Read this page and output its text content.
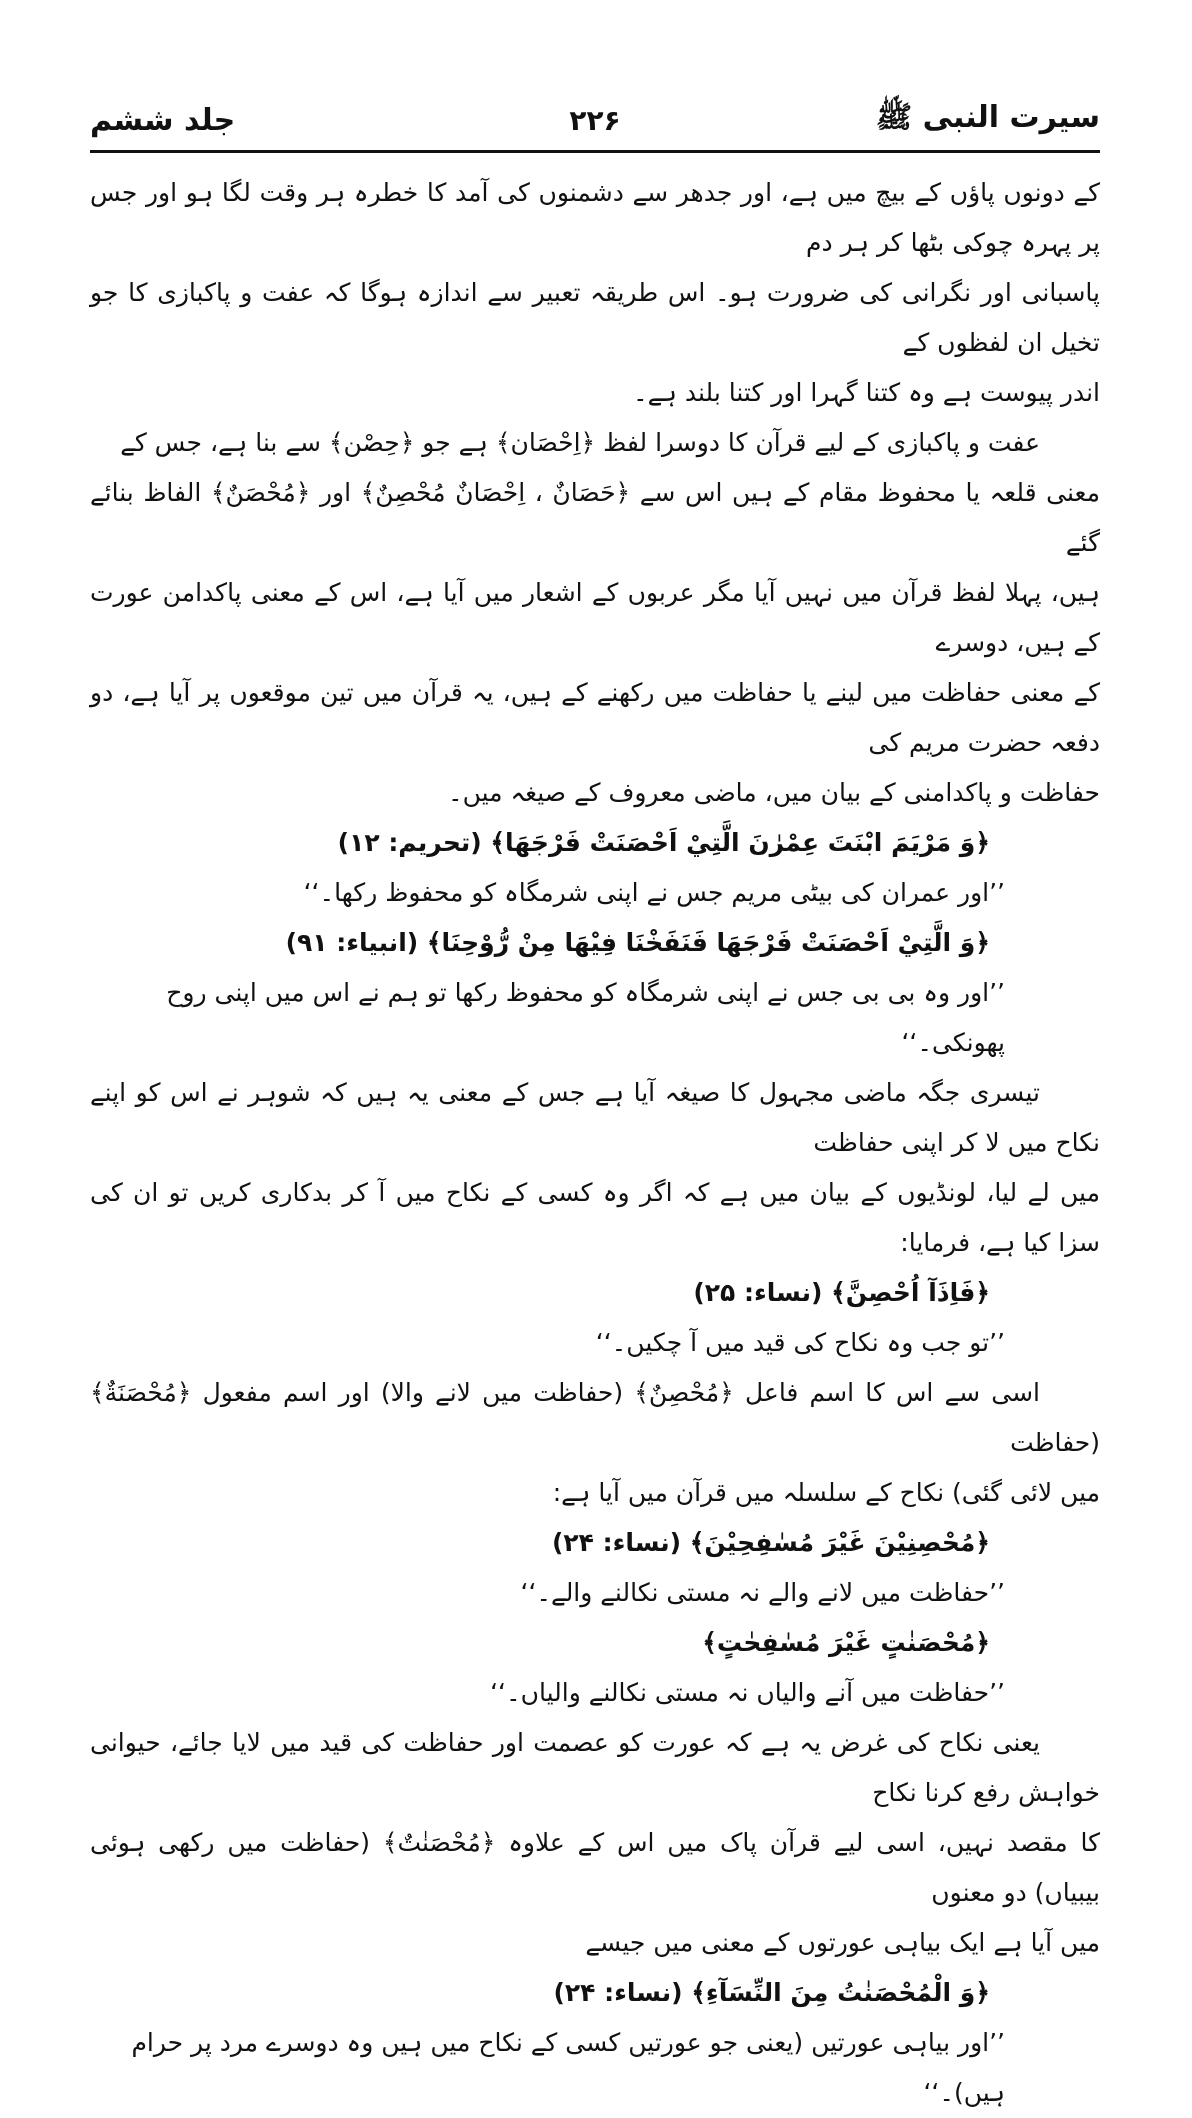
سیرت النبی ﷺ
۲۲۶
جلد ششم

کے دونوں پاؤں کے بیچ میں ہے، اور جدھر سے دشمنوں کی آمد کا خطرہ ہر وقت لگا ہو اور جس پر پہرہ چوکی بٹھا کر ہر دم

پاسبانی اور نگرانی کی ضرورت ہو۔ اس طریقہ تعبیر سے اندازہ ہوگا کہ عفت و پاکبازی کا جو تخیل ان لفظوں کے

اندر پیوست ہے وہ کتنا گہرا اور کتنا بلند ہے۔

عفت و پاکبازی کے لیے قرآن کا دوسرا لفظ ﴿اِحْصَان﴾ ہے جو ﴿حِصْن﴾ سے بنا ہے، جس کے

معنی قلعہ یا محفوظ مقام کے ہیں اس سے ﴿حَصَانٌ ، اِحْصَانٌ مُحْصِنٌ﴾ اور ﴿مُحْصَنٌ﴾ الفاظ بنائے گئے

ہیں، پہلا لفظ قرآن میں نہیں آیا مگر عربوں کے اشعار میں آیا ہے، اس کے معنی پاکدامن عورت کے ہیں، دوسرے

کے معنی حفاظت میں لینے یا حفاظت میں رکھنے کے ہیں، یہ قرآن میں تین موقعوں پر آیا ہے، دو دفعہ حضرت مریم کی

حفاظت و پاکدامنی کے بیان میں، ماضی معروف کے صیغہ میں۔

﴿وَ مَرْيَمَ ابْنَتَ عِمْرٰنَ الَّتِيْ اَحْصَنَتْ فَرْجَهَا﴾ (تحریم: ۱۲)

’’اور عمران کی بیٹی مریم جس نے اپنی شرمگاہ کو محفوظ رکھا۔‘‘

﴿وَ الَّتِيْ اَحْصَنَتْ فَرْجَهَا فَنَفَخْنَا فِيْهَا مِنْ رُّوْحِنَا﴾ (انبیاء: ۹۱)

’’اور وہ بی بی جس نے اپنی شرمگاہ کو محفوظ رکھا تو ہم نے اس میں اپنی روح پھونکی۔‘‘

تیسری جگہ ماضی مجہول کا صیغہ آیا ہے جس کے معنی یہ ہیں کہ شوہر نے اس کو اپنے نکاح میں لا کر اپنی حفاظت

میں لے لیا، لونڈیوں کے بیان میں ہے کہ اگر وہ کسی کے نکاح میں آ کر بدکاری کریں تو ان کی سزا کیا ہے، فرمایا:

﴿فَاِذَآ اُحْصِنَّ﴾ (نساء: ۲۵)

’’تو جب وہ نکاح کی قید میں آ چکیں۔‘‘

اسی سے اس کا اسم فاعل ﴿مُحْصِنٌ﴾ (حفاظت میں لانے والا) اور اسم مفعول ﴿مُحْصَنَةٌ﴾ (حفاظت

میں لائی گئی) نکاح کے سلسلہ میں قرآن میں آیا ہے:

﴿مُحْصِنِيْنَ غَيْرَ مُسٰفِحِيْنَ﴾ (نساء: ۲۴)

’’حفاظت میں لانے والے نہ مستی نکالنے والے۔‘‘

﴿مُحْصَنٰتٍ غَيْرَ مُسٰفِحٰتٍ﴾

’’حفاظت میں آنے والیاں نہ مستی نکالنے والیاں۔‘‘

یعنی نکاح کی غرض یہ ہے کہ عورت کو عصمت اور حفاظت کی قید میں لایا جائے، حیوانی خواہش رفع کرنا نکاح

کا مقصد نہیں، اسی لیے قرآن پاک میں اس کے علاوہ ﴿مُحْصَنٰتٌ﴾ (حفاظت میں رکھی ہوئی بیبیاں) دو معنوں

میں آیا ہے ایک بیاہی عورتوں کے معنی میں جیسے

﴿وَ الْمُحْصَنٰتُ مِنَ النِّسَآءِ﴾ (نساء: ۲۴)

’’اور بیاہی عورتیں (یعنی جو عورتیں کسی کے نکاح میں ہیں وہ دوسرے مرد پر حرام ہیں)۔‘‘
